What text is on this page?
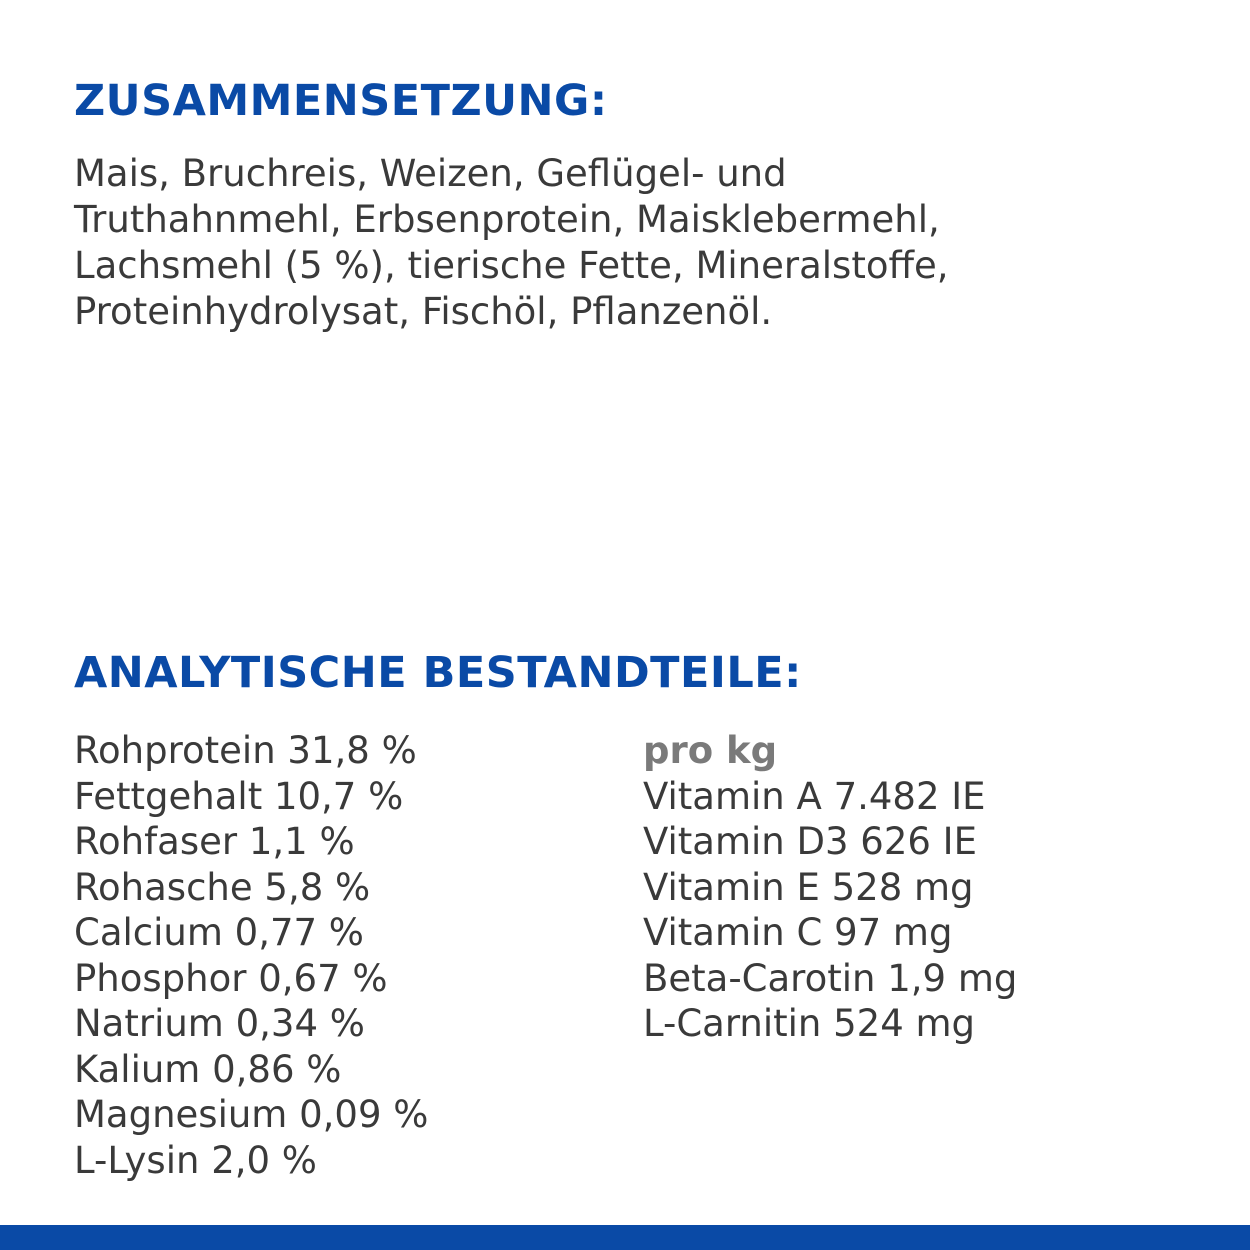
ZUSAMMENSETZUNG:

Mais, Bruchreis, Weizen, Geflügel- und
Truthahnmehl, Erbsenprotein, Maisklebermehl,
Lachsmehl (5 %), tierische Fette, Mineralstoffe,
Proteinhydrolysat, Fischöl, Pflanzenöl.

ANALYTISCHE BESTANDTEILE:
Rohprotein 31,8 %
Fettgehalt 10,7 %
Rohfaser 1,1 %
Rohasche 5,8 %
Calcium 0,77 %
Phosphor 0,67 %
Natrium 0,34 %
Kalium 0,86 %
Magnesium 0,09 %
L-Lysin 2,0 %
pro kg
Vitamin A 7.482 IE
Vitamin D3 626 IE
Vitamin E 528 mg
Vitamin C 97 mg
Beta-Carotin 1,9 mg
L-Carnitin 524 mg
